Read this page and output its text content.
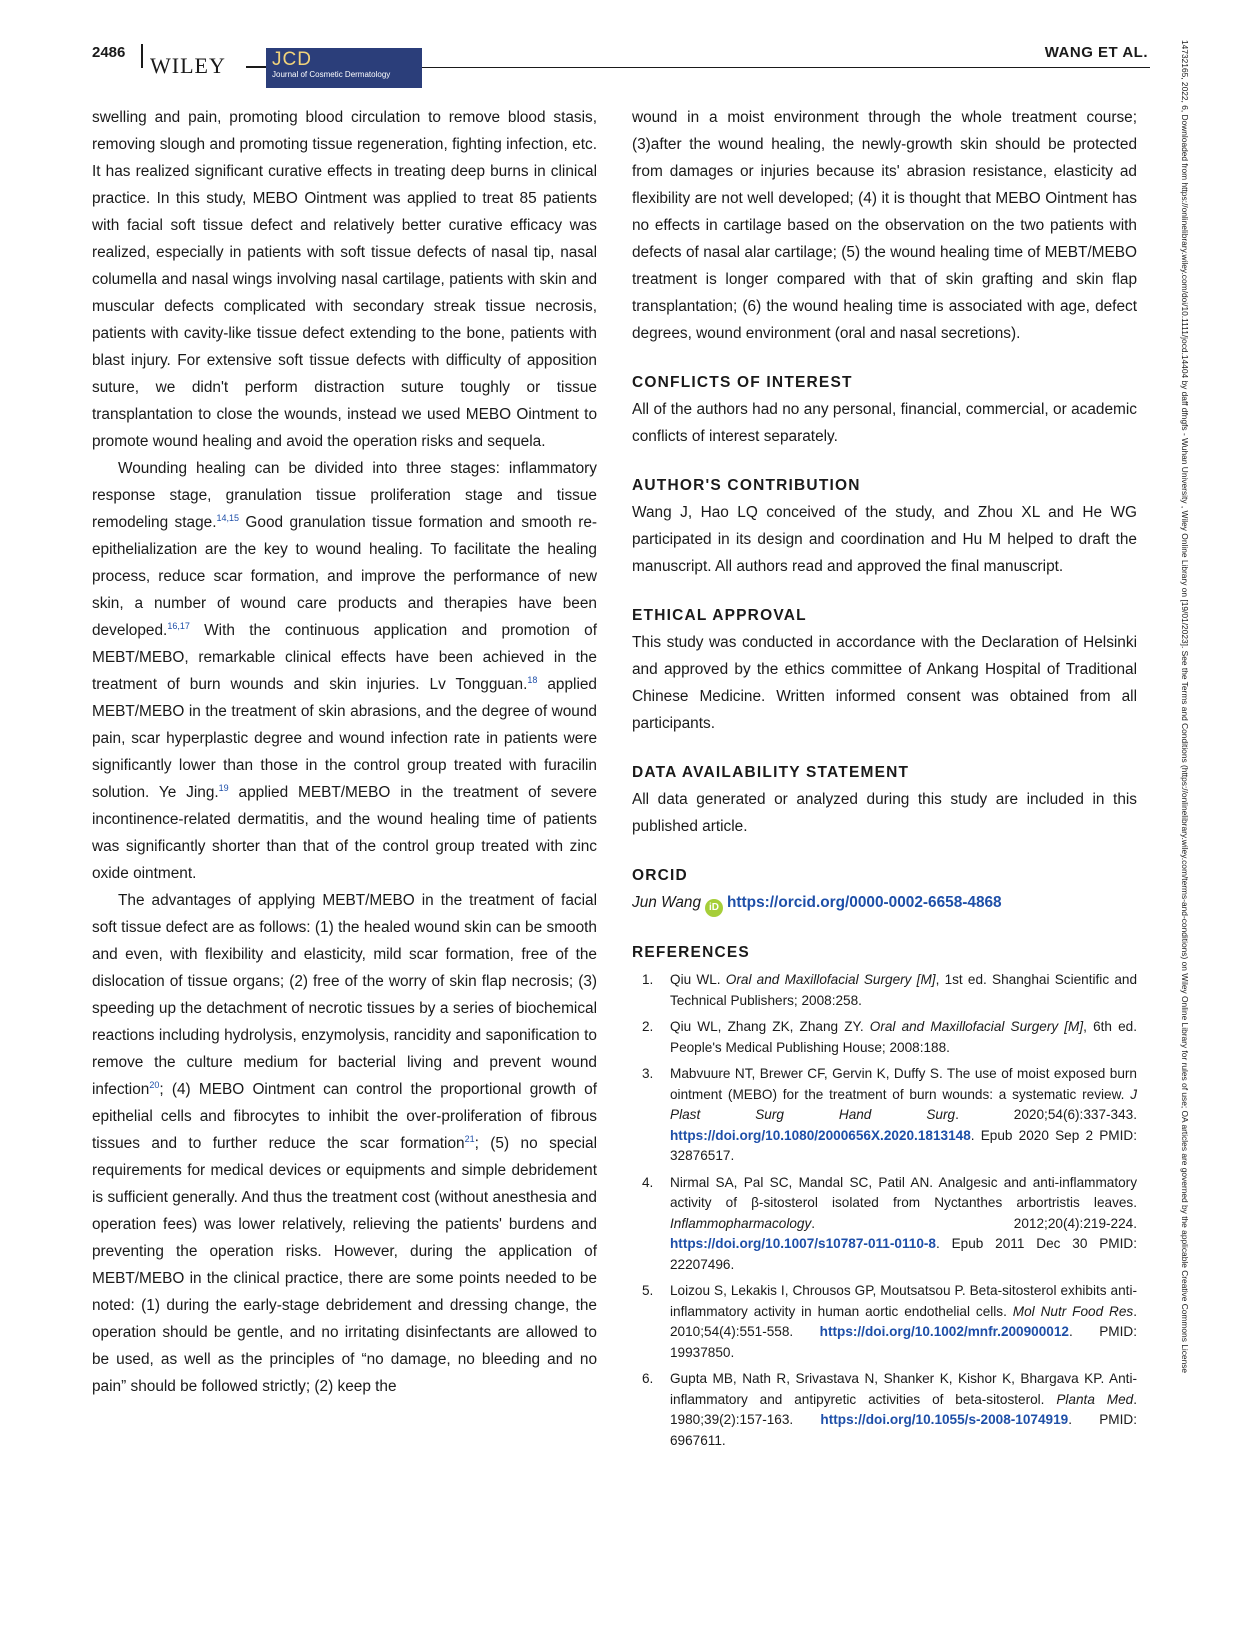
2486
WILEY JCD
Journal of Cosmetic Dermatology
WANG ET AL.

swelling and pain, promoting blood circulation to remove blood stasis, removing slough and promoting tissue regeneration, fighting infection, etc. It has realized significant curative effects in treating deep burns in clinical practice. In this study, MEBO Ointment was applied to treat 85 patients with facial soft tissue defect and relatively better curative efficacy was realized, especially in patients with soft tissue defects of nasal tip, nasal columella and nasal wings involving nasal cartilage, patients with skin and muscular defects complicated with secondary streak tissue necrosis, patients with cavity-like tissue defect extending to the bone, patients with blast injury. For extensive soft tissue defects with difficulty of apposition suture, we didn't perform distraction suture toughly or tissue transplantation to close the wounds, instead we used MEBO Ointment to promote wound healing and avoid the operation risks and sequela.

Wounding healing can be divided into three stages: inflammatory response stage, granulation tissue proliferation stage and tissue remodeling stage.$^{14,15}$ Good granulation tissue formation and smooth re-epithelialization are the key to wound healing. To facilitate the healing process, reduce scar formation, and improve the performance of new skin, a number of wound care products and therapies have been developed.$^{16,17}$ With the continuous application and promotion of MEBT/MEBO, remarkable clinical effects have been achieved in the treatment of burn wounds and skin injuries. Lv Tongguan.$^{18}$ applied MEBT/MEBO in the treatment of skin abrasions, and the degree of wound pain, scar hyperplastic degree and wound infection rate in patients were significantly lower than those in the control group treated with furacilin solution. Ye Jing.$^{19}$ applied MEBT/MEBO in the treatment of severe incontinence-related dermatitis, and the wound healing time of patients was significantly shorter than that of the control group treated with zinc oxide ointment.

The advantages of applying MEBT/MEBO in the treatment of facial soft tissue defect are as follows: (1) the healed wound skin can be smooth and even, with flexibility and elasticity, mild scar formation, free of the dislocation of tissue organs; (2) free of the worry of skin flap necrosis; (3) speeding up the detachment of necrotic tissues by a series of biochemical reactions including hydrolysis, enzymolysis, rancidity and saponification to remove the culture medium for bacterial living and prevent wound infection$^{20}$; (4) MEBO Ointment can control the proportional growth of epithelial cells and fibrocytes to inhibit the over-proliferation of fibrous tissues and to further reduce the scar formation$^{21}$; (5) no special requirements for medical devices or equipments and simple debridement is sufficient generally. And thus the treatment cost (without anesthesia and operation fees) was lower relatively, relieving the patients' burdens and preventing the operation risks. However, during the application of MEBT/MEBO in the clinical practice, there are some points needed to be noted: (1) during the early-stage debridement and dressing change, the operation should be gentle, and no irritating disinfectants are allowed to be used, as well as the principles of “no damage, no bleeding and no pain” should be followed strictly; (2) keep the

wound in a moist environment through the whole treatment course; (3)after the wound healing, the newly-growth skin should be protected from damages or injuries because its' abrasion resistance, elasticity ad flexibility are not well developed; (4) it is thought that MEBO Ointment has no effects in cartilage based on the observation on the two patients with defects of nasal alar cartilage; (5) the wound healing time of MEBT/MEBO treatment is longer compared with that of skin grafting and skin flap transplantation; (6) the wound healing time is associated with age, defect degrees, wound environment (oral and nasal secretions).

CONFLICTS OF INTEREST

All of the authors had no any personal, financial, commercial, or academic conflicts of interest separately.

AUTHOR'S CONTRIBUTION

Wang J, Hao LQ conceived of the study, and Zhou XL and He WG participated in its design and coordination and Hu M helped to draft the manuscript. All authors read and approved the final manuscript.

ETHICAL APPROVAL

This study was conducted in accordance with the Declaration of Helsinki and approved by the ethics committee of Ankang Hospital of Traditional Chinese Medicine. Written informed consent was obtained from all participants.

DATA AVAILABILITY STATEMENT

All data generated or analyzed during this study are included in this published article.

ORCID
Jun Wang iD https://orcid.org/0000-0002-6658-4868
REFERENCES
1. Qiu WL. Oral and Maxillofacial Surgery [M], 1st ed. Shanghai Scientific and Technical Publishers; 2008:258.
2. Qiu WL, Zhang ZK, Zhang ZY. Oral and Maxillofacial Surgery [M], 6th ed. People's Medical Publishing House; 2008:188.
3. Mabvuure NT, Brewer CF, Gervin K, Duffy S. The use of moist exposed burn ointment (MEBO) for the treatment of burn wounds: a systematic review. J Plast Surg Hand Surg. 2020;54(6):337-343. https://doi.org/10.1080/2000656X.2020.1813148. Epub 2020 Sep 2 PMID: 32876517.
4. Nirmal SA, Pal SC, Mandal SC, Patil AN. Analgesic and anti-inflammatory activity of β-sitosterol isolated from Nyctanthes arbortristis leaves. Inflammopharmacology. 2012;20(4):219-224. https://doi.org/10.1007/s10787-011-0110-8. Epub 2011 Dec 30 PMID: 22207496.
5. Loizou S, Lekakis I, Chrousos GP, Moutsatsou P. Beta-sitosterol exhibits anti-inflammatory activity in human aortic endothelial cells. Mol Nutr Food Res. 2010;54(4):551-558. https://doi.org/10.1002/mnfr.200900012. PMID: 19937850.
6. Gupta MB, Nath R, Srivastava N, Shanker K, Kishor K, Bhargava KP. Anti-inflammatory and antipyretic activities of beta-sitosterol. Planta Med. 1980;39(2):157-163. https://doi.org/10.1055/s-2008-1074919. PMID: 6967611.
14732165, 2022, 6, Downloaded from https://onlinelibrary.wiley.com/doi/10.1111/jocd.14404 by daff dfngfs - Wuhan University , Wiley Online Library on [19/01/2023]. See the Terms and Conditions (https://onlinelibrary.wiley.com/terms-and-conditions) on Wiley Online Library for rules of use; OA articles are governed by the applicable Creative Commons License
